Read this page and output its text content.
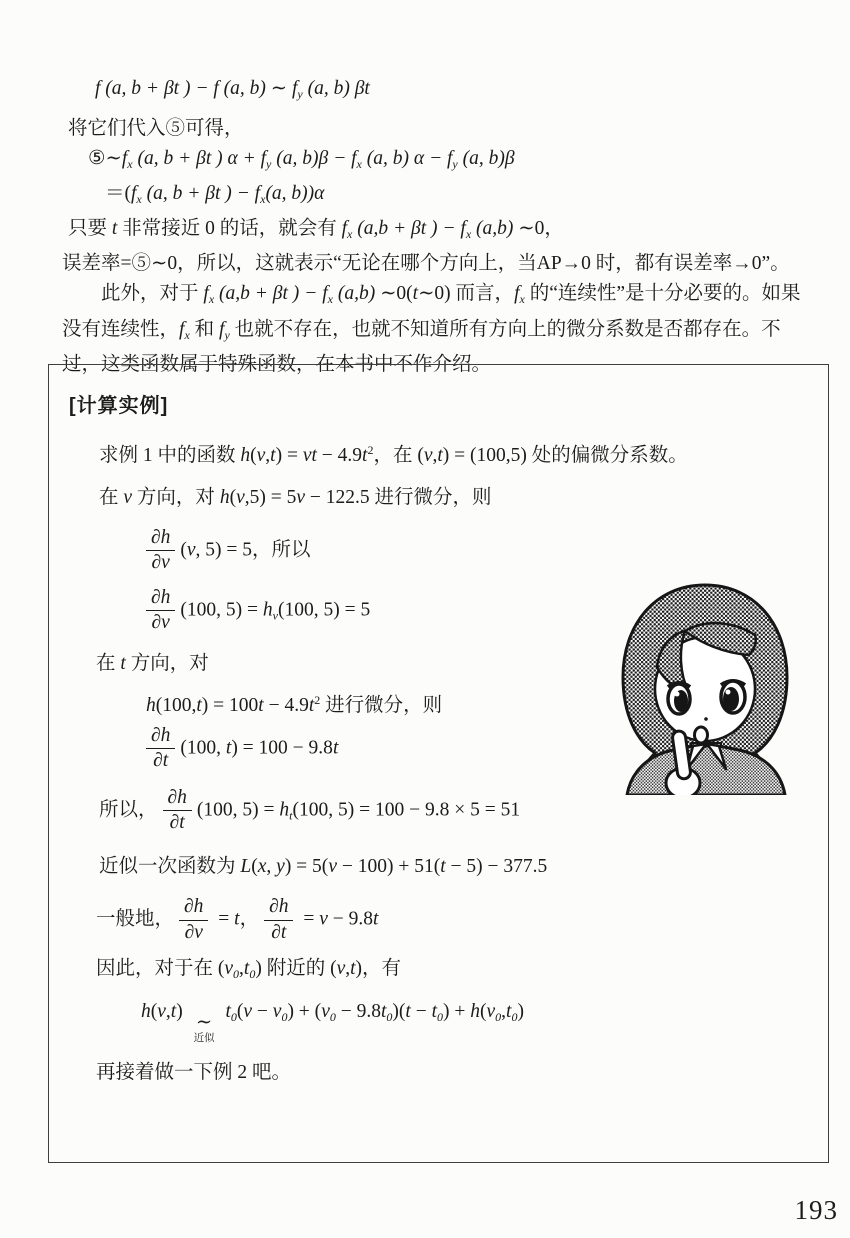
f (a, b + βt ) − f (a, b) ∼ $f_y$ (a, b) βt
将它们代入⑤可得，
$⑤\sim f_x$ (a, b + βt ) $\alpha + f_y$ (a, $b)\beta - f_x$ (a, b) $\alpha - f_y$ (a, b)β
$=(f_x$ (a, b + βt ) − $f_x(a$, b))α
只要 t 非常接近 0 的话，就会有 $f_x$ (a,b + βt ) − $f_x$ (a,b) ∼0，
误差率=⑤∼0，所以，这就表示“无论在哪个方向上，当AP→0 时，都有误差率→0”。
此外，对于 $f_x$ (a,b + βt ) − $f_x$ (a,b) ∼0(t∼0) 而言，$f_x$ 的“连续性”是十分必要的。如果没有连续性，$f_x$ 和 $f_y$ 也就不存在，也就不知道所有方向上的微分系数是否都存在。不过，这类函数属于特殊函数，在本书中不作介绍。
[计算实例]
求例 1 中的函数 h(v,t) = vt − $4.9t^2$，在 (v,t) = (100,5) 处的偏微分系数。
在 v 方向，对 h(v,5) = 5v − 122.5 进行微分，则
$\frac{\partial h}{\partial v} (v$, 5) = 5，所以
$\frac{\partial h}{\partial v} (100$, $5) = h_v(100$, 5) = 5
在 t 方向，对
$h(100,t) = 100t - 4.9t^2$ 进行微分，则
$\frac{\partial h}{\partial t} (100$, t) = 100 − 9.8t
所以， $\frac{\partial h}{\partial t} (100$, $5) = h_t(100$, 5) = 100 − 9.8 × 5 = 51
近似一次函数为 L(x, y) = 5(v − 100) + 51(t − 5) − 377.5
一般地， $\frac{\partial h}{\partial v} = t$， $\frac{\partial h}{\partial t} = v - 9.8t$
因此，对于在 $(v_0,t_0)$ 附近的 (v,t)，有
h(v,t)
∼
近似
$t_0(v - v_0) + (v_0 - 9.8t_0)(t - t_0) + h(v_0,t_0)$
再接着做一下例 2 吧。
193
